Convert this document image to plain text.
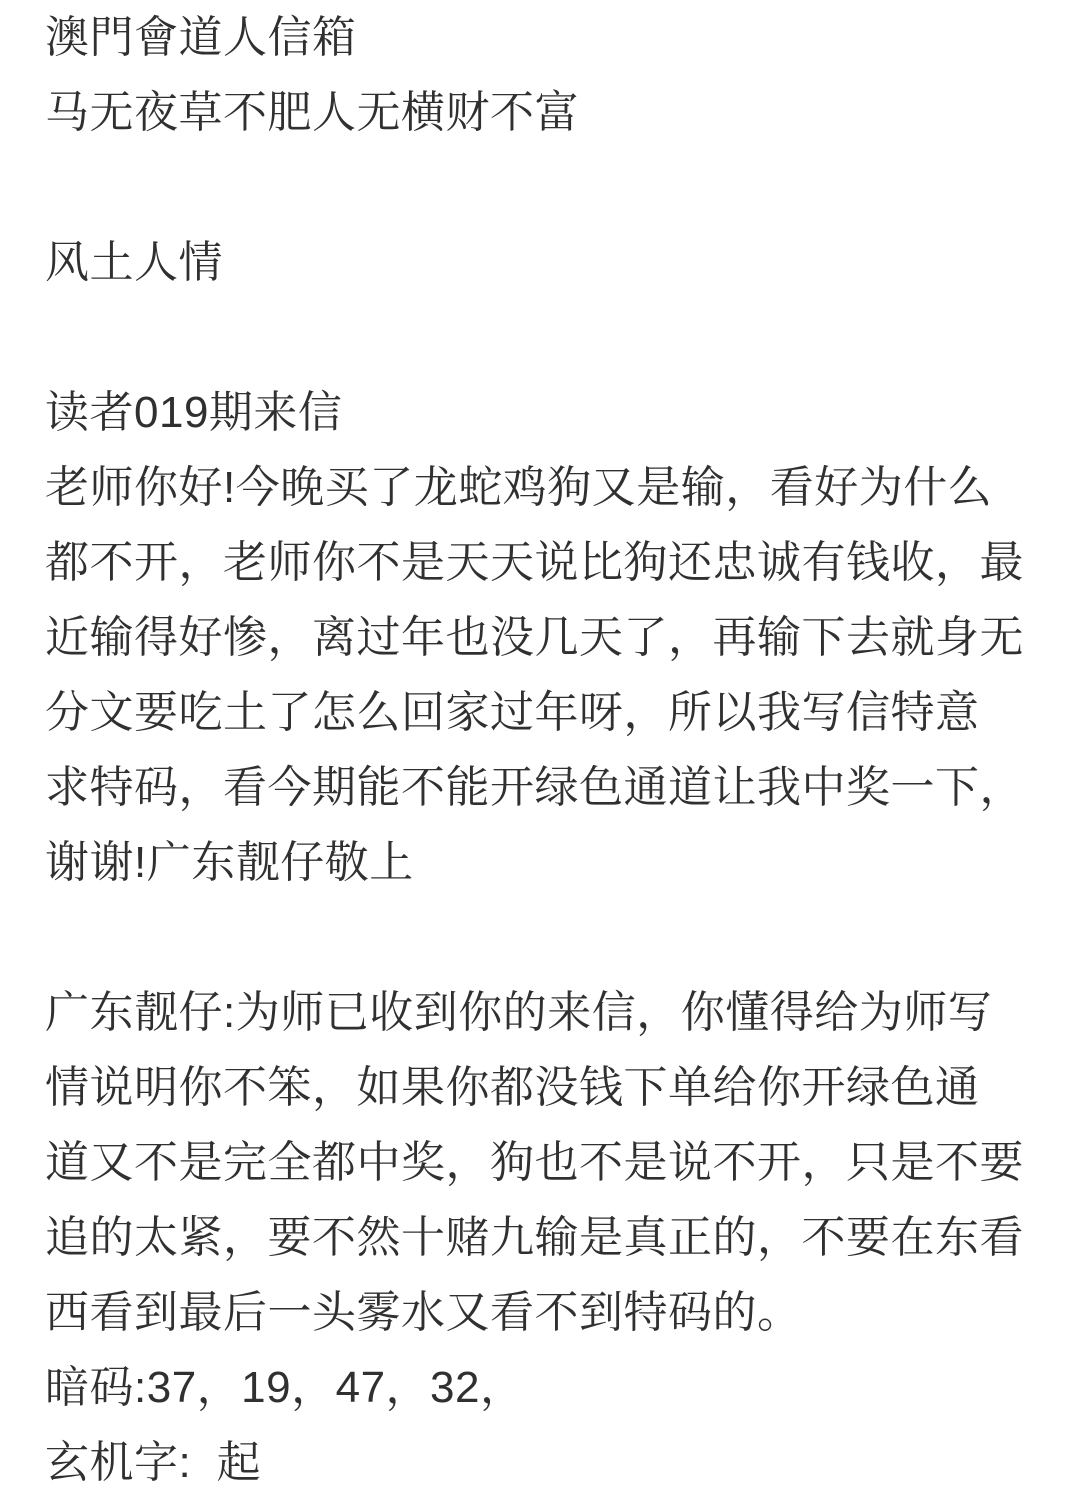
澳門會道人信箱
马无夜草不肥人无横财不富
风土人情
读者019期来信
老师你好!今晚买了龙蛇鸡狗又是输，看好为什么
都不开，老师你不是天天说比狗还忠诚有钱收，最
近输得好惨，离过年也没几天了，再输下去就身无
分文要吃土了怎么回家过年呀，所以我写信特意
求特码，看今期能不能开绿色通道让我中奖一下，
谢谢!广东靓仔敬上
广东靓仔:为师已收到你的来信，你懂得给为师写
情说明你不笨，如果你都没钱下单给你开绿色通
道又不是完全都中奖，狗也不是说不开，只是不要
追的太紧，要不然十赌九输是真正的，不要在东看
西看到最后一头雾水又看不到特码的。
暗码:37，19，47，32，
玄机字:  起
